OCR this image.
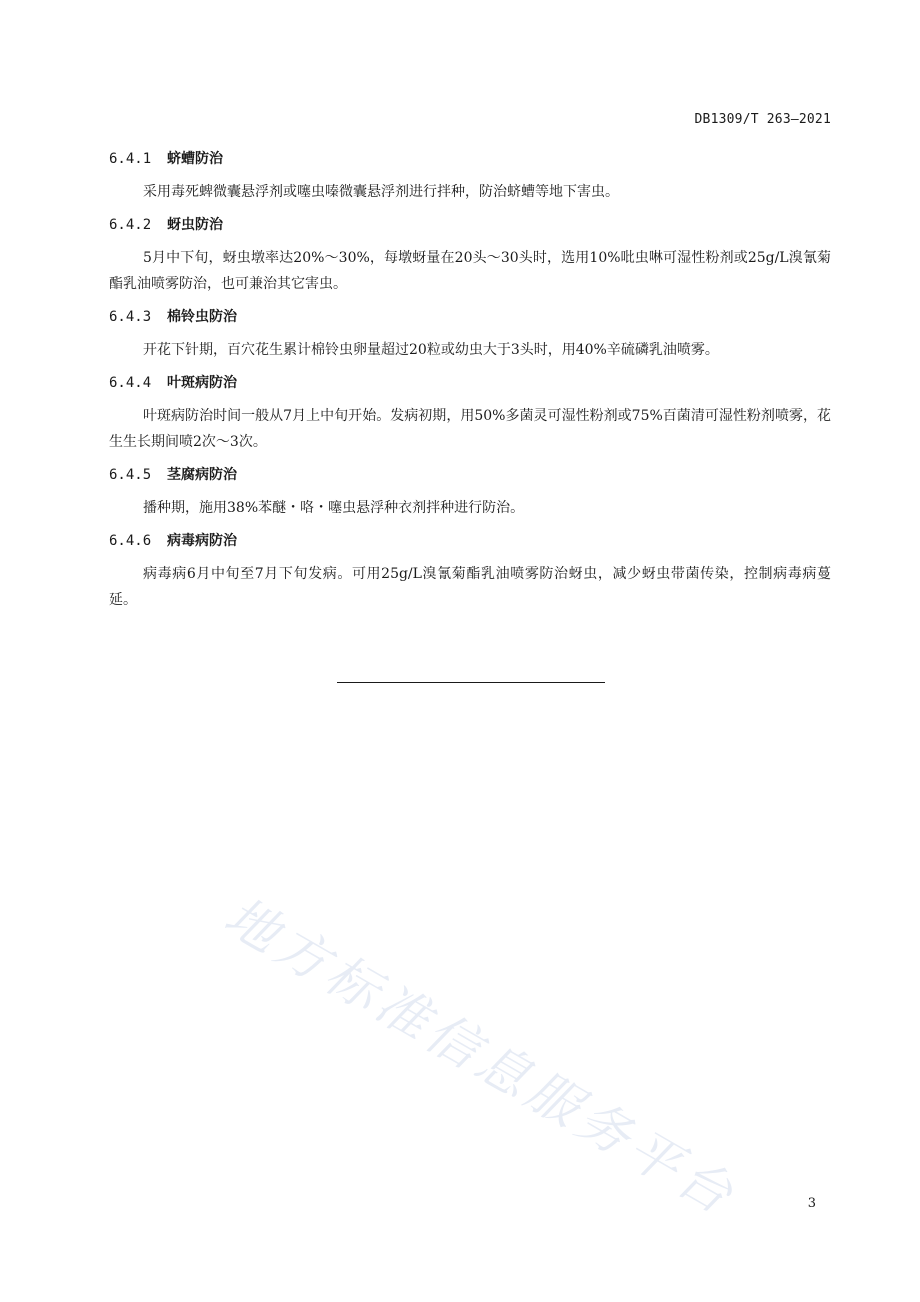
DB1309/T 263—2021
6.4.1 蛴螬防治

采用毒死蜱微囊悬浮剂或噻虫嗪微囊悬浮剂进行拌种，防治蛴螬等地下害虫。

6.4.2 蚜虫防治

5月中下旬，蚜虫墩率达20%～30%，每墩蚜量在20头～30头时，选用10%吡虫啉可湿性粉剂或25g/L溴氰菊酯乳油喷雾防治，也可兼治其它害虫。

6.4.3 棉铃虫防治

开花下针期，百穴花生累计棉铃虫卵量超过20粒或幼虫大于3头时，用40%辛硫磷乳油喷雾。

6.4.4 叶斑病防治

叶斑病防治时间一般从7月上中旬开始。发病初期，用50%多菌灵可湿性粉剂或75%百菌清可湿性粉剂喷雾，花生生长期间喷2次～3次。

6.4.5 茎腐病防治

播种期，施用38%苯醚・咯・噻虫悬浮种衣剂拌种进行防治。

6.4.6 病毒病防治

病毒病6月中旬至7月下旬发病。可用25g/L溴氰菊酯乳油喷雾防治蚜虫，减少蚜虫带菌传染，控制病毒病蔓延。

地方标准信息服务平台	3
